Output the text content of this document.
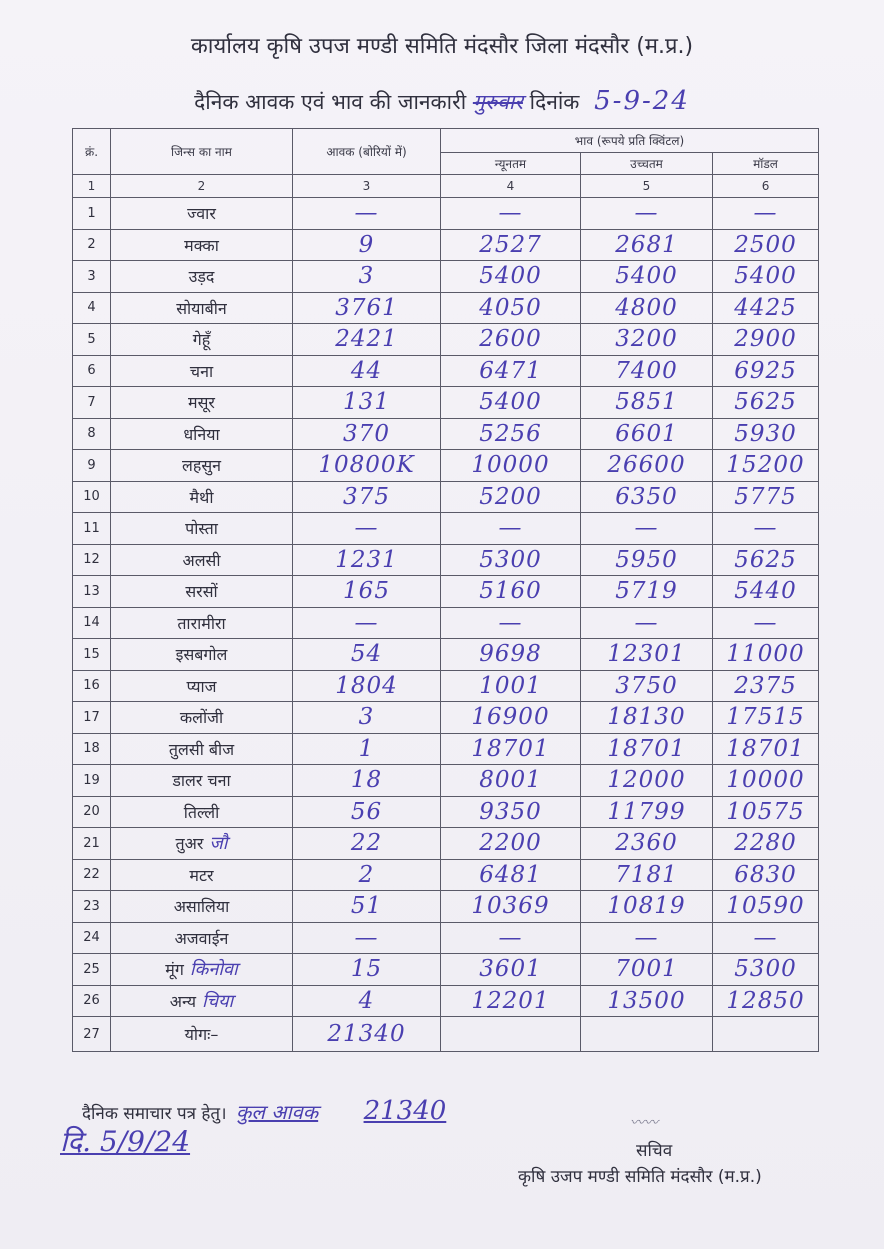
कार्यालय कृषि उपज मण्डी समिति मंदसौर जिला मंदसौर (म.प्र.)
दैनिक आवक एवं भाव की जानकारी गुरुवार दिनांक 5-9-24
क्रं.	जिन्स का नाम	आवक (बोरियों में)	भाव (रूपये प्रति क्विंटल)		
			न्यूनतम	उच्चतम	मॉडल
1	2	3	4	5	6
1	ज्वार	—	—	—	—
2	मक्का	9	2527	2681	2500
3	उड़द	3	5400	5400	5400
4	सोयाबीन	3761	4050	4800	4425
5	गेहूँ	2421	2600	3200	2900
6	चना	44	6471	7400	6925
7	मसूर	131	5400	5851	5625
8	धनिया	370	5256	6601	5930
9	लहसुन	10800K	10000	26600	15200
10	मैथी	375	5200	6350	5775
11	पोस्ता	—	—	—	—
12	अलसी	1231	5300	5950	5625
13	सरसों	165	5160	5719	5440
14	तारामीरा	—	—	—	—
15	इसबगोल	54	9698	12301	11000
16	प्याज	1804	1001	3750	2375
17	कलोंजी	3	16900	18130	17515
18	तुलसी बीज	1	18701	18701	18701
19	डालर चना	18	8001	12000	10000
20	तिल्ली	56	9350	11799	10575
21	तुअर जौ	22	2200	2360	2280
22	मटर	2	6481	7181	6830
23	असालिया	51	10369	10819	10590
24	अजवाईन	—	—	—	—
25	मूंग किनोवा	15	3601	7001	5300
26	अन्य चिया	4	12201	13500	12850
27	योगः–	21340			
दैनिक समाचार पत्र हेतु। कुल आवक 21340
दि. 5/9/24
〰〰
सचिव
कृषि उजप मण्डी समिति मंदसौर (म.प्र.)
